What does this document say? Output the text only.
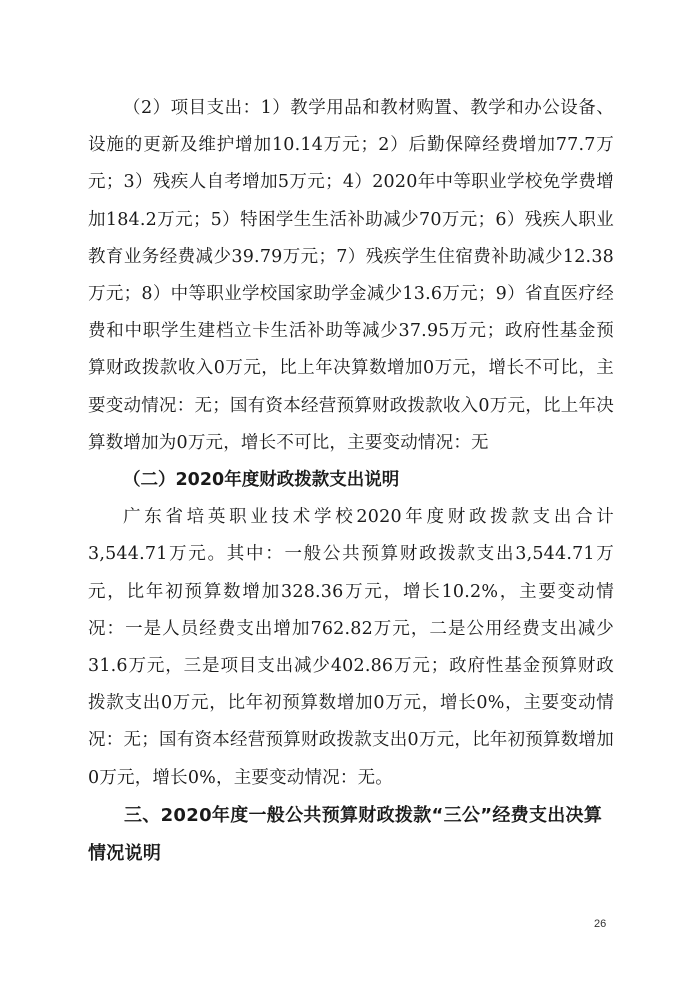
（2）项目支出：1）教学用品和教材购置、教学和办公设备、设施的更新及维护增加10.14万元；2）后勤保障经费增加77.7万元；3）残疾人自考增加5万元；4）2020年中等职业学校免学费增加184.2万元；5）特困学生生活补助减少70万元；6）残疾人职业教育业务经费减少39.79万元；7）残疾学生住宿费补助减少12.38万元；8）中等职业学校国家助学金减少13.6万元；9）省直医疗经费和中职学生建档立卡生活补助等减少37.95万元；政府性基金预算财政拨款收入0万元，比上年决算数增加0万元，增长不可比，主要变动情况：无；国有资本经营预算财政拨款收入0万元，比上年决算数增加为0万元，增长不可比，主要变动情况：无

（二）2020年度财政拨款支出说明

广东省培英职业技术学校2020年度财政拨款支出合计3,544.71万元。其中：一般公共预算财政拨款支出3,544.71万元，比年初预算数增加328.36万元，增长10.2%，主要变动情况：一是人员经费支出增加762.82万元，二是公用经费支出减少31.6万元，三是项目支出减少402.86万元；政府性基金预算财政拨款支出0万元，比年初预算数增加0万元，增长0%，主要变动情况：无；国有资本经营预算财政拨款支出0万元，比年初预算数增加0万元，增长0%，主要变动情况：无。

三、2020年度一般公共预算财政拨款“三公”经费支出决算情况说明

26
